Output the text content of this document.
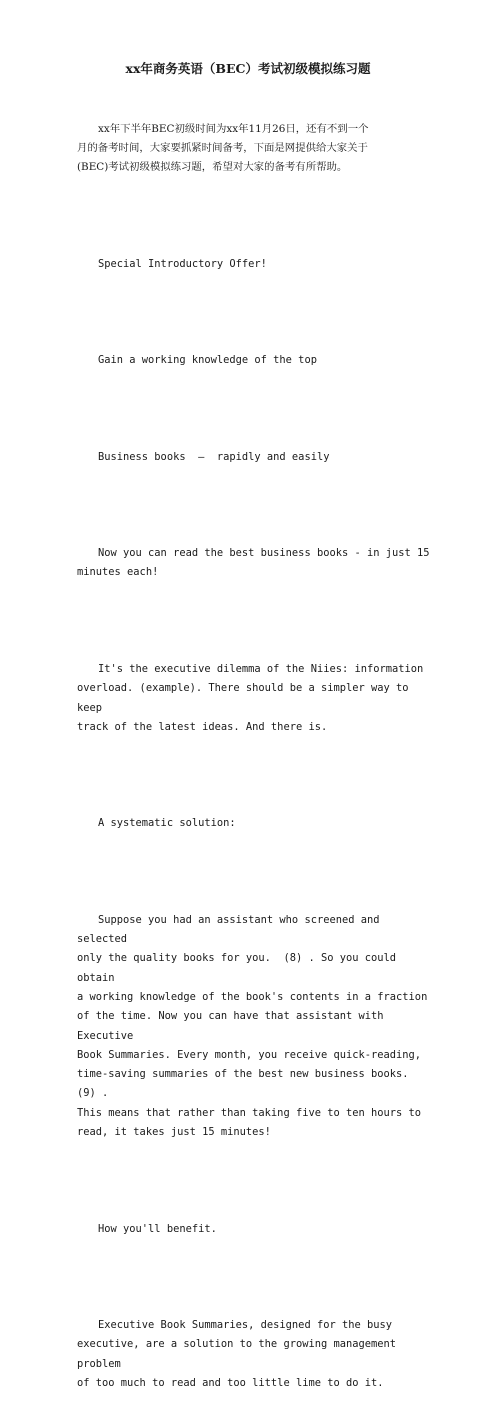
xx年商务英语（BEC）考试初级模拟练习题

xx年下半年BEC初级时间为xx年11月26日，还有不到一个
月的备考时间，大家要抓紧时间备考，下面是网提供给大家关于
(BEC)考试初级模拟练习题，希望对大家的备考有所帮助。

Special Introductory Offer!

Gain a working knowledge of the top

Business books  –  rapidly and easily

Now you can read the best business books - in just 15
minutes each!

It's the executive dilemma of the Niies: information
overload. (example). There should be a simpler way to keep
track of the latest ideas. And there is.

A systematic solution:

Suppose you had an assistant who screened and selected
only the quality books for you.  (8) . So you could obtain
a working knowledge of the book's contents in a fraction
of the time. Now you can have that assistant with Executive
Book Summaries. Every month, you receive quick-reading,
time-saving summaries of the best new business books. (9) .
This means that rather than taking five to ten hours to
read, it takes just 15 minutes!

How you'll benefit.

Executive Book Summaries, designed for the busy
executive, are a solution to the growing management problem
of too much to read and too little lime to do it.
